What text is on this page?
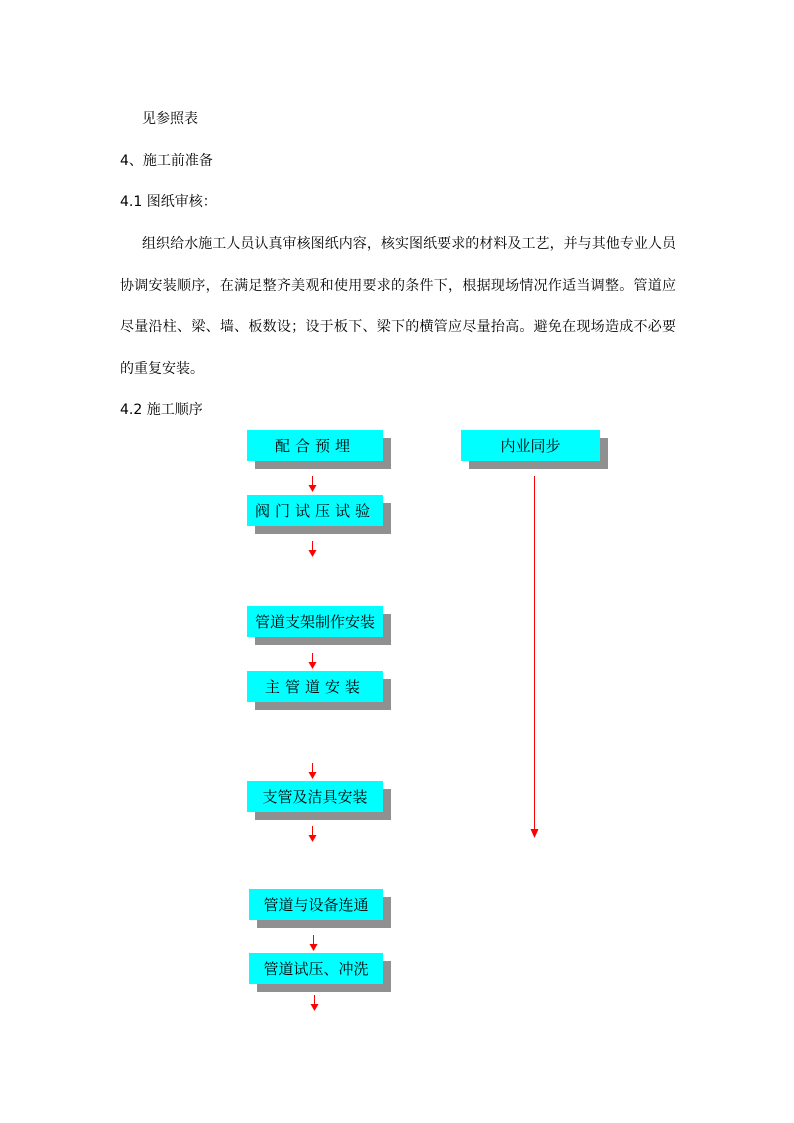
见参照表
4、施工前准备
4.1 图纸审核：
组织给水施工人员认真审核图纸内容，核实图纸要求的材料及工艺，并与其他专业人员协调安装顺序，在满足整齐美观和使用要求的条件下，根据现场情况作适当调整。管道应尽量沿柱、梁、墙、板数设；设于板下、梁下的横管应尽量抬高。避免在现场造成不必要的重复安装。
4.2 施工顺序
配合预埋	内业同步
阀门试压试验
管道支架制作安装
主管道安装
支管及洁具安装
管道与设备连通
管道试压、冲洗
